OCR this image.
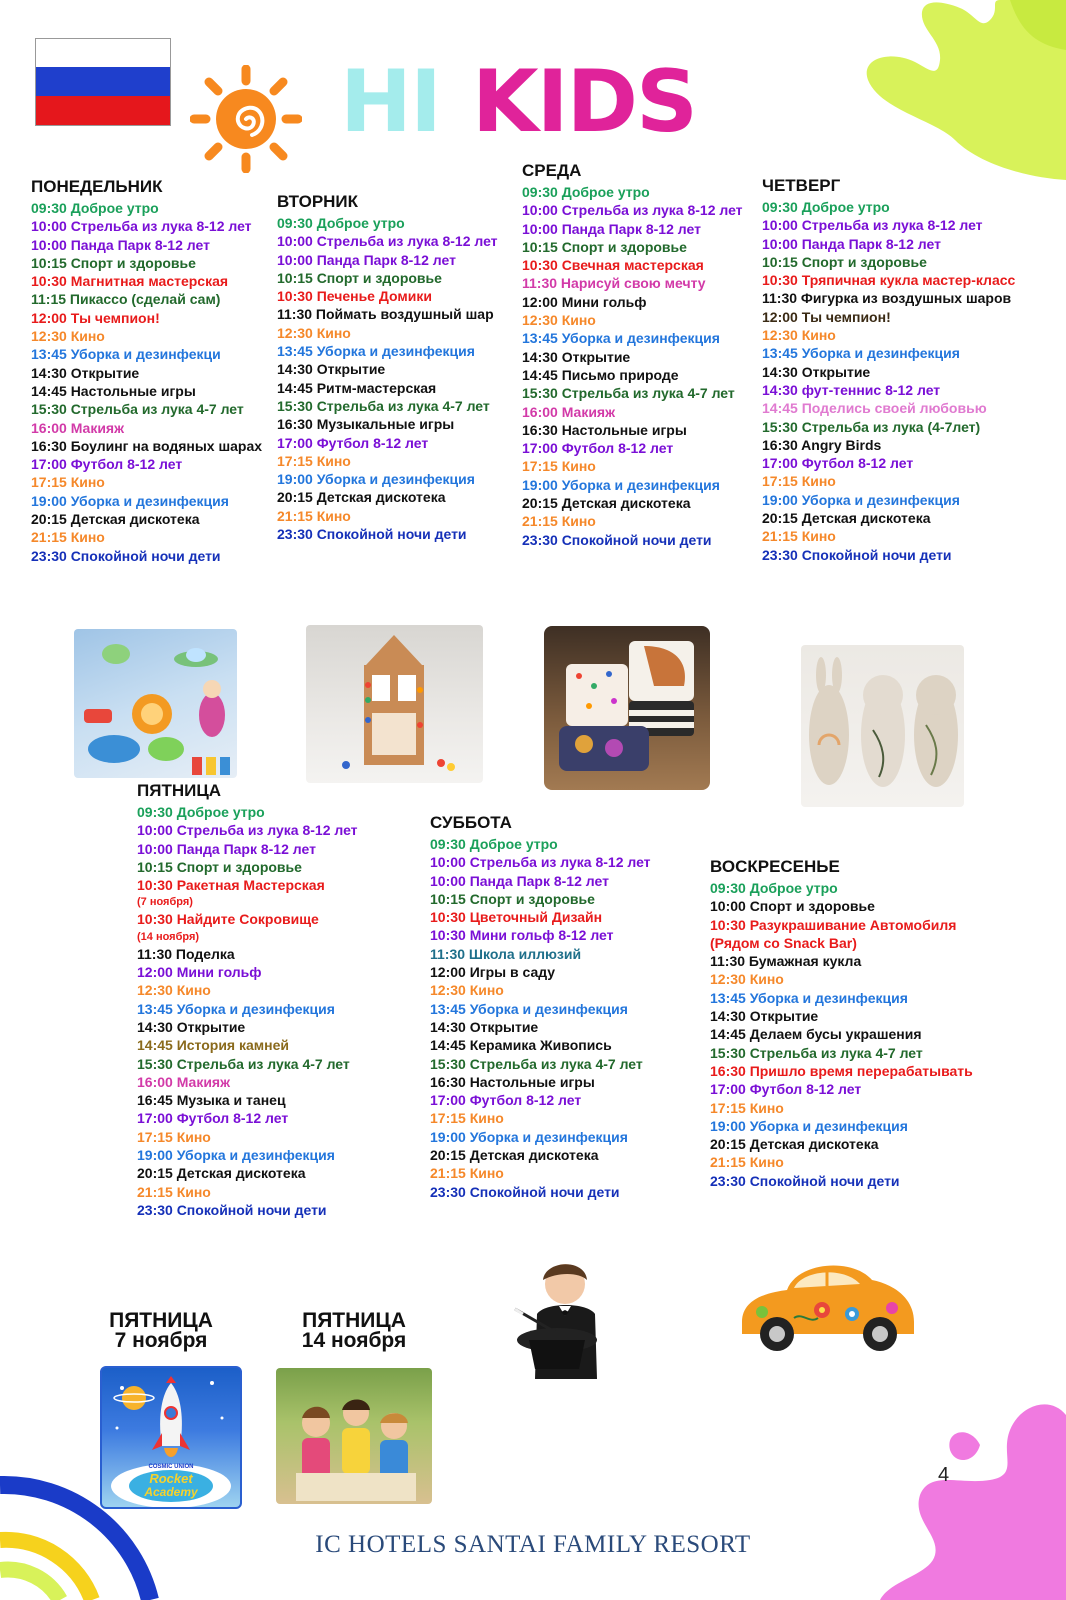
HI KIDS
ПОНЕДЕЛЬНИК
09:30 Доброе утро
10:00 Стрельба из лука 8-12 лет
10:00 Панда Парк 8-12 лет
10:15 Спорт и здоровье
10:30 Магнитная мастерская
11:15 Пикассо (сделай сам)
12:00 Ты чемпион!
12:30 Кино
13:45 Уборка и дезинфекци
14:30 Открытие
14:45 Настольные игры
15:30 Стрельба из лука 4-7 лет
16:00 Макияж
16:30 Боулинг на водяных шарах
17:00 Футбол 8-12 лет
17:15 Кино
19:00 Уборка и дезинфекция
20:15 Детская дискотека
21:15 Кино
23:30 Спокойной ночи дети
ВТОРНИК
09:30 Доброе утро
10:00 Стрельба из лука 8-12 лет
10:00 Панда Парк 8-12 лет
10:15 Спорт и здоровье
10:30 Печенье Домики
11:30 Поймать воздушный шар
12:30 Кино
13:45 Уборка и дезинфекция
14:30 Открытие
14:45 Ритм-мастерская
15:30 Стрельба из лука 4-7 лет
16:30 Музыкальные игры
17:00 Футбол 8-12 лет
17:15 Кино
19:00 Уборка и дезинфекция
20:15 Детская дискотека
21:15 Кино
23:30 Спокойной ночи дети
СРЕДА
09:30 Доброе утро
10:00 Стрельба из лука 8-12 лет
10:00 Панда Парк 8-12 лет
10:15 Спорт и здоровье
10:30 Свечная мастерская
11:30 Нарисуй свою мечту
12:00 Мини гольф
12:30 Кино
13:45 Уборка и дезинфекция
14:30 Открытие
14:45 Письмо природе
15:30 Стрельба из лука 4-7 лет
16:00 Макияж
16:30 Настольные игры
17:00 Футбол 8-12 лет
17:15 Кино
19:00 Уборка и дезинфекция
20:15 Детская дискотека
21:15 Кино
23:30 Спокойной ночи дети
ЧЕТВЕРГ
09:30 Доброе утро
10:00 Стрельба из лука 8-12 лет
10:00 Панда Парк 8-12 лет
10:15 Спорт и здоровье
10:30 Тряпичная кукла мастер-класс
11:30 Фигурка из воздушных шаров
12:00 Ты чемпион!
12:30 Кино
13:45 Уборка и дезинфекция
14:30 Открытие
14:30 фут-теннис 8-12 лет
14:45 Поделись своей любовью
15:30 Стрельба из лука (4-7лет)
16:30 Angry Birds
17:00 Футбол 8-12 лет
17:15 Кино
19:00 Уборка и дезинфекция
20:15 Детская дискотека
21:15 Кино
23:30 Спокойной ночи дети
ПЯТНИЦА
09:30 Доброе утро
10:00 Стрельба из лука 8-12 лет
10:00 Панда Парк 8-12 лет
10:15 Спорт и здоровье
10:30 Ракетная Мастерская
(7 ноября)
10:30 Найдите Сокровище
(14 ноября)
11:30 Поделка
12:00 Мини гольф
12:30 Кино
13:45 Уборка и дезинфекция
14:30 Открытие
14:45 История камней
15:30 Стрельба из лука 4-7 лет
16:00 Макияж
16:45 Музыка и танец
17:00 Футбол 8-12 лет
17:15 Кино
19:00 Уборка и дезинфекция
20:15 Детская дискотека
21:15 Кино
23:30 Спокойной ночи дети
СУББОТА
09:30 Доброе утро
10:00 Стрельба из лука 8-12 лет
10:00 Панда Парк 8-12 лет
10:15 Спорт и здоровье
10:30 Цветочный Дизайн
10:30 Мини гольф 8-12 лет
11:30 Школа иллюзий
12:00 Игры в саду
12:30 Кино
13:45 Уборка и дезинфекция
14:30 Открытие
14:45 Керамика Живопись
15:30 Стрельба из лука 4-7 лет
16:30 Настольные игры
17:00 Футбол 8-12 лет
17:15 Кино
19:00 Уборка и дезинфекция
20:15 Детская дискотека
21:15 Кино
23:30 Спокойной ночи дети
ВОСКРЕСЕНЬЕ
09:30 Доброе утро
10:00 Спорт и здоровье
10:30 Разукрашивание Автомобиля
(Рядом со Snack Bar)
11:30 Бумажная кукла
12:30 Кино
13:45 Уборка и дезинфекция
14:30 Открытие
14:45 Делаем бусы украшения
15:30 Стрельба из лука 4-7 лет
16:30 Пришло время перерабатывать
17:00 Футбол 8-12 лет
17:15 Кино
19:00 Уборка и дезинфекция
20:15 Детская дискотека
21:15 Кино
23:30 Спокойной ночи дети
ПЯТНИЦА
7 ноября
ПЯТНИЦА
14 ноября
COSMIC UNION
Rocket
Academy
4
IC HOTELS SANTAI FAMILY RESORT
